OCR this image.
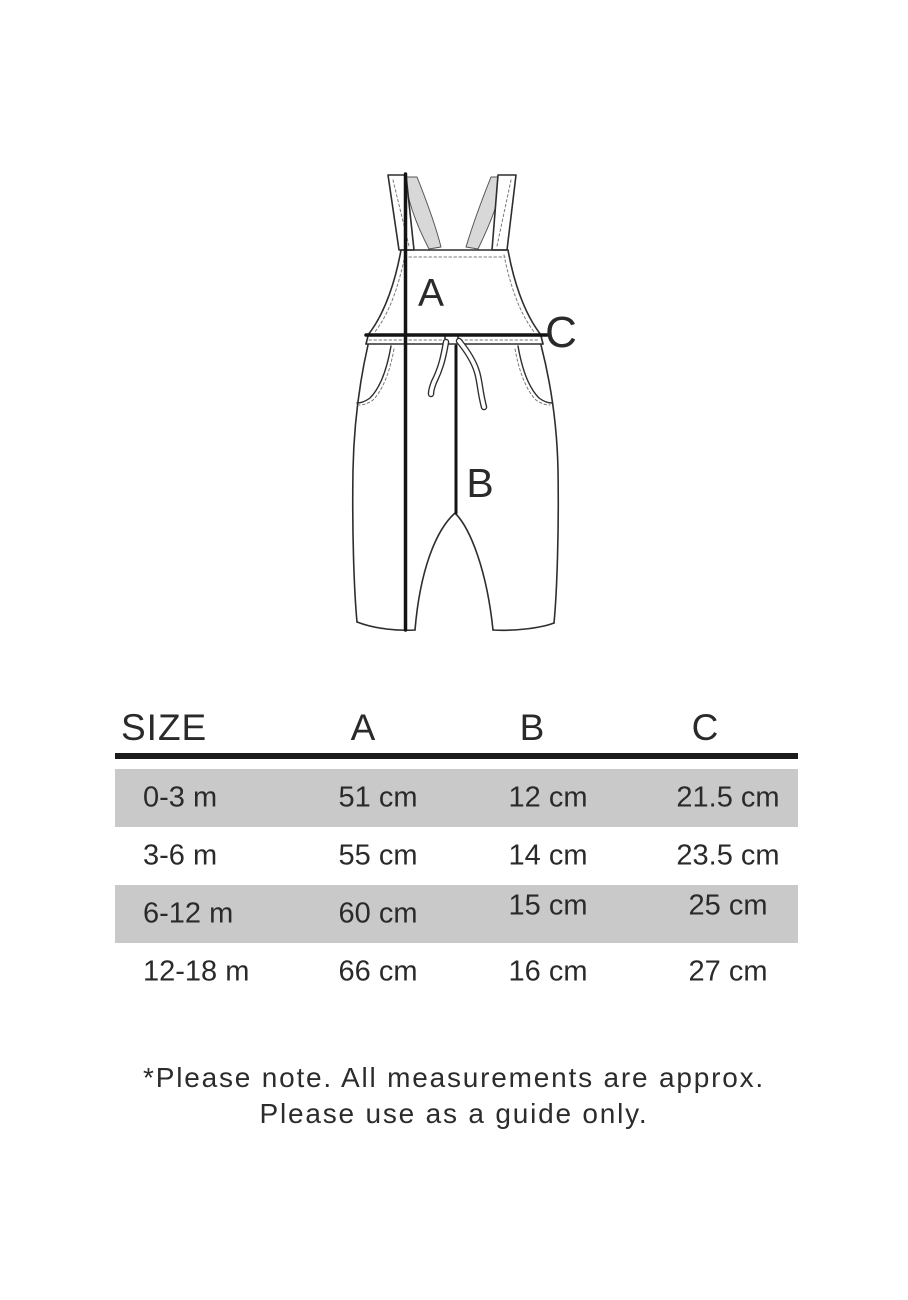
A
B
C
SIZE	A	B	C
0-3 m	51 cm	12 cm	21.5 cm
3-6 m	55 cm	14 cm	23.5 cm
6-12 m	60 cm	15 cm	25 cm
12-18 m	66 cm	16 cm	27 cm
*Please note. All measurements are approx.
Please use as a guide only.
